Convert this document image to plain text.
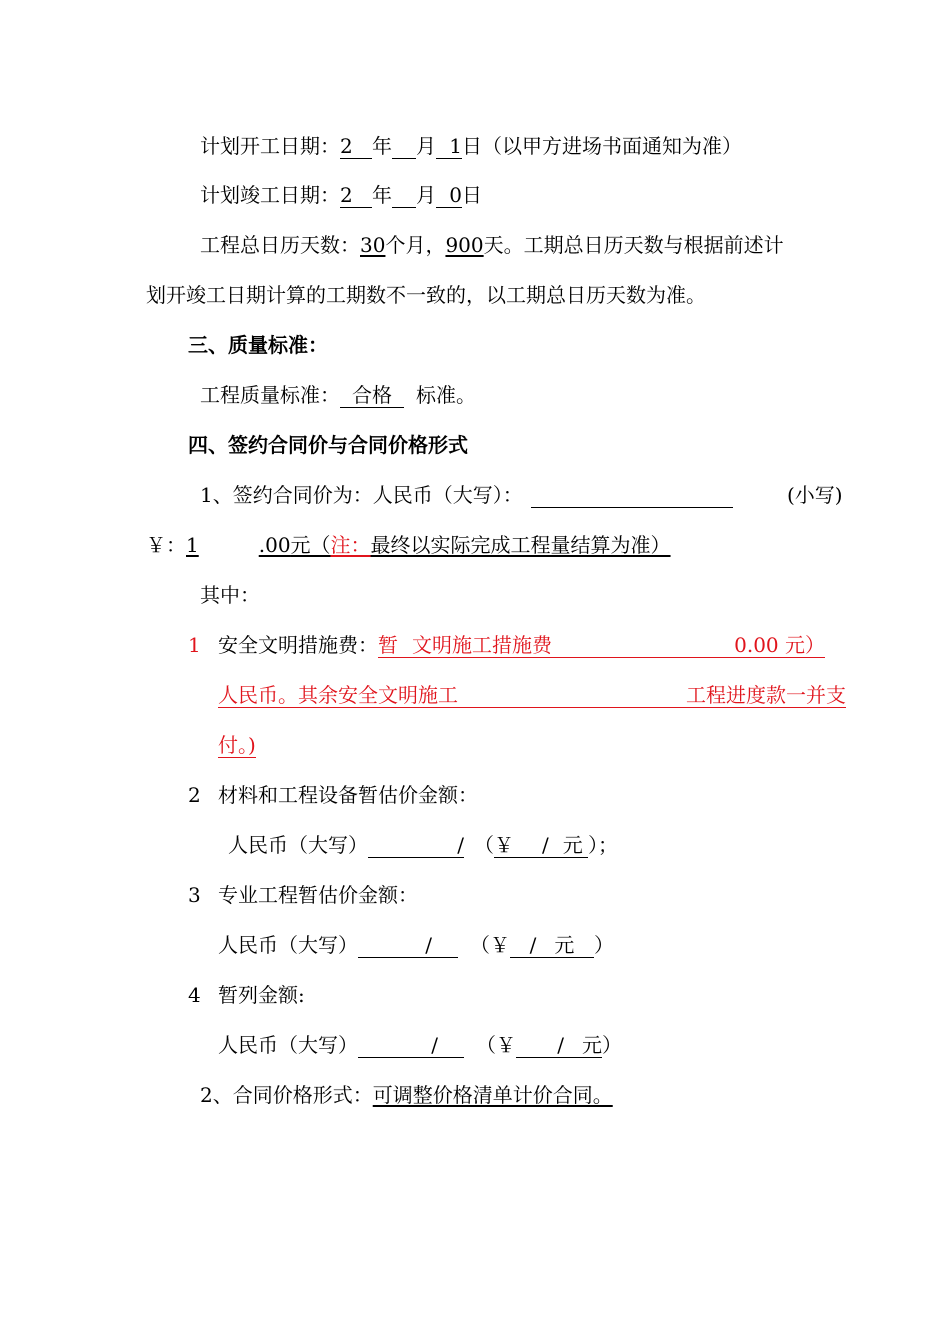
计划开工日期：2 年 月 1日（以甲方进场书面通知为准）
计划竣工日期：2 年 月 0日
工程总日历天数：30个月，900天。工期总日历天数与根据前述计
划开竣工日期计算的工期数不一致的，以工期总日历天数为准。
三、质量标准：
工程质量标准： 合格 标准。
四、签约合同价与合同价格形式
1、签约合同价为：人民币（大写）：	(小写)
￥：1	.00元（注：最终以实际完成工程量结算为准）
其中：
1 安全文明措施费：暂 文明施工措施费	0.00 元）
人民币。其余安全文明施工	工程进度款一并支
付。)
2 材料和工程设备暂估价金额：
人民币（大写）	/ （￥ / 元 ）；
3 专业工程暂估价金额：
人民币（大写）	/ （￥ / 元 ）
4 暂列金额:
人民币（大写）	/ （￥ / 元）
2、合同价格形式：可调整价格清单计价合同。
